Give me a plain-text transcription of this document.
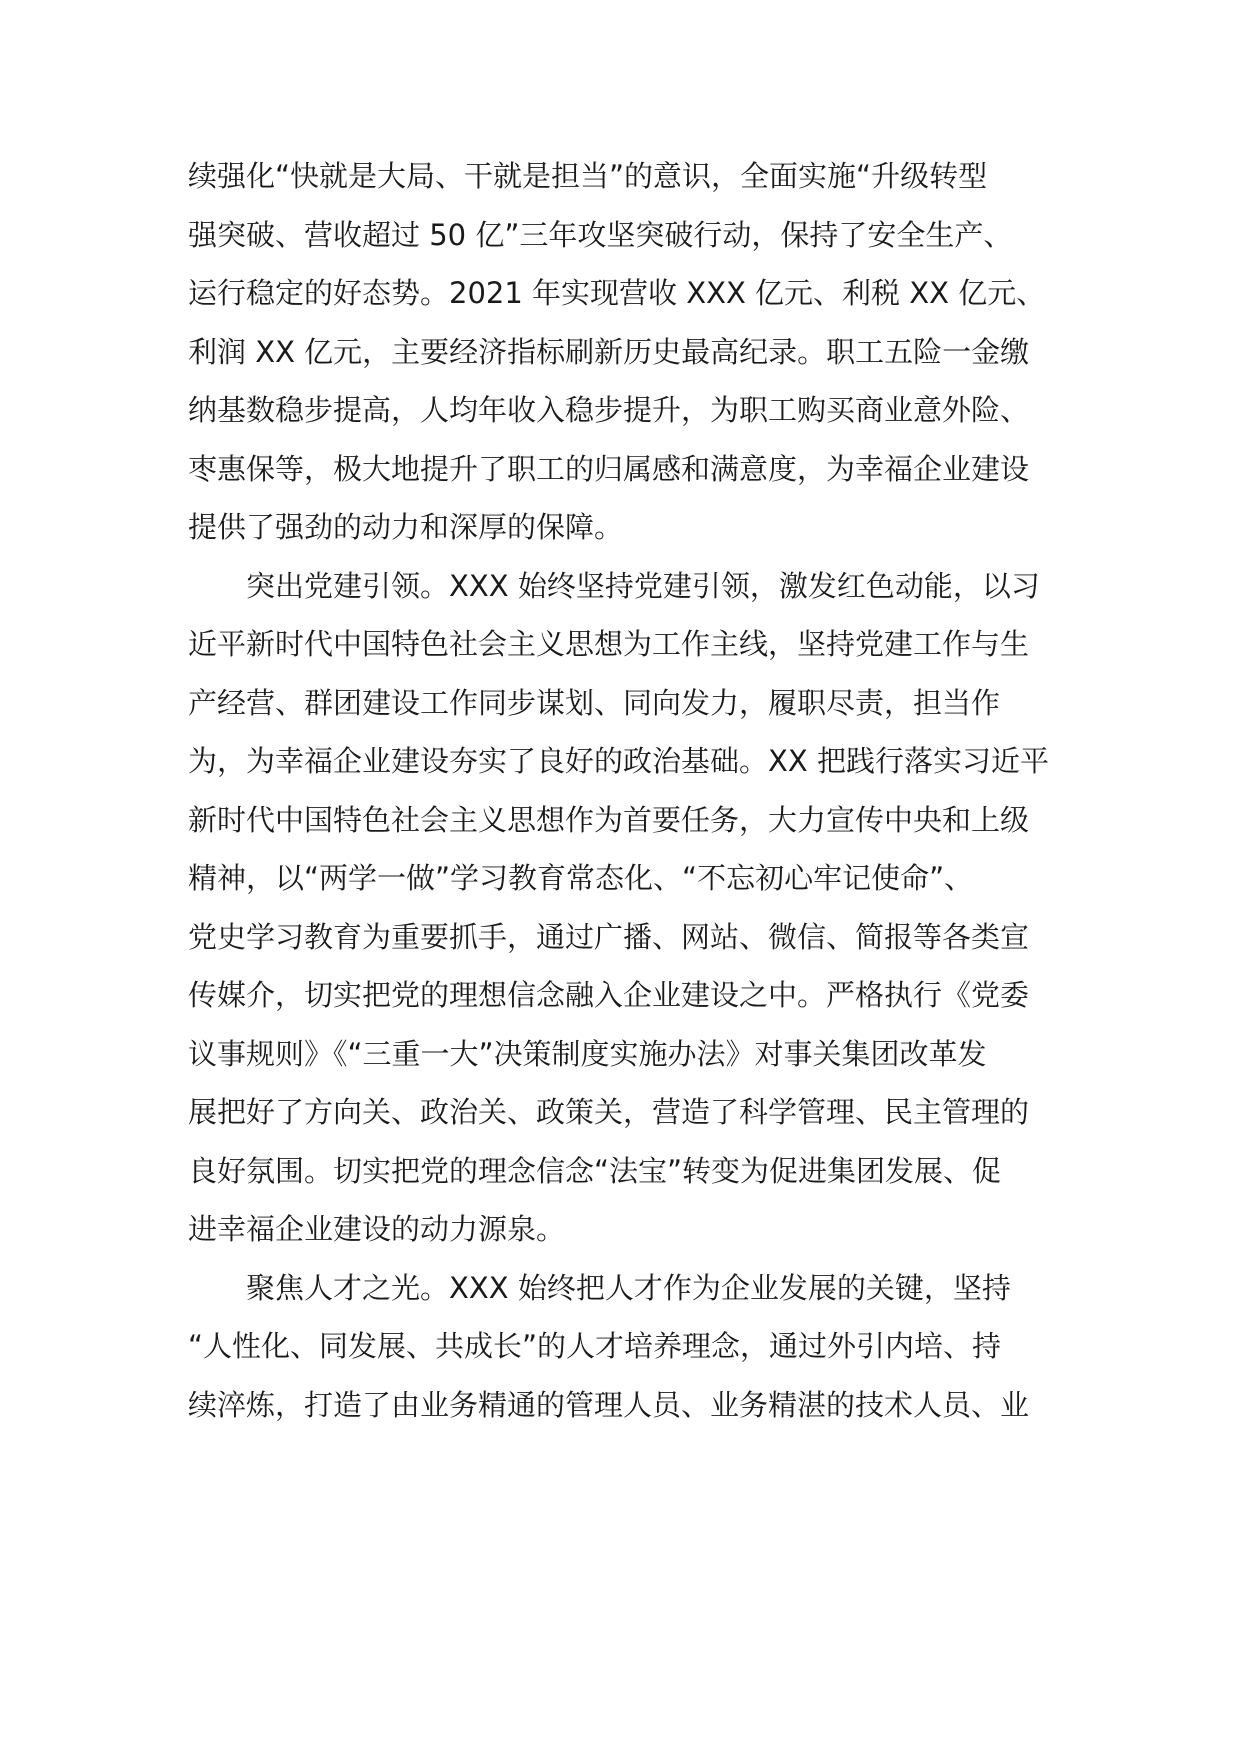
续强化“快就是大局、干就是担当”的意识，全面实施“升级转型
强突破、营收超过 50 亿”三年攻坚突破行动，保持了安全生产、
运行稳定的好态势。2021 年实现营收 XXX 亿元、利税 XX 亿元、
利润 XX 亿元，主要经济指标刷新历史最高纪录。职工五险一金缴
纳基数稳步提高，人均年收入稳步提升，为职工购买商业意外险、
枣惠保等，极大地提升了职工的归属感和满意度，为幸福企业建设
提供了强劲的动力和深厚的保障。
突出党建引领。XXX 始终坚持党建引领，激发红色动能，以习
近平新时代中国特色社会主义思想为工作主线，坚持党建工作与生
产经营、群团建设工作同步谋划、同向发力，履职尽责，担当作
为，为幸福企业建设夯实了良好的政治基础。XX 把践行落实习近平
新时代中国特色社会主义思想作为首要任务，大力宣传中央和上级
精神，以“两学一做”学习教育常态化、“不忘初心牢记使命”、
党史学习教育为重要抓手，通过广播、网站、微信、简报等各类宣
传媒介，切实把党的理想信念融入企业建设之中。严格执行《党委
议事规则》《“三重一大”决策制度实施办法》对事关集团改革发
展把好了方向关、政治关、政策关，营造了科学管理、民主管理的
良好氛围。切实把党的理念信念“法宝”转变为促进集团发展、促
进幸福企业建设的动力源泉。
聚焦人才之光。XXX 始终把人才作为企业发展的关键，坚持
“人性化、同发展、共成长”的人才培养理念，通过外引内培、持
续淬炼，打造了由业务精通的管理人员、业务精湛的技术人员、业
